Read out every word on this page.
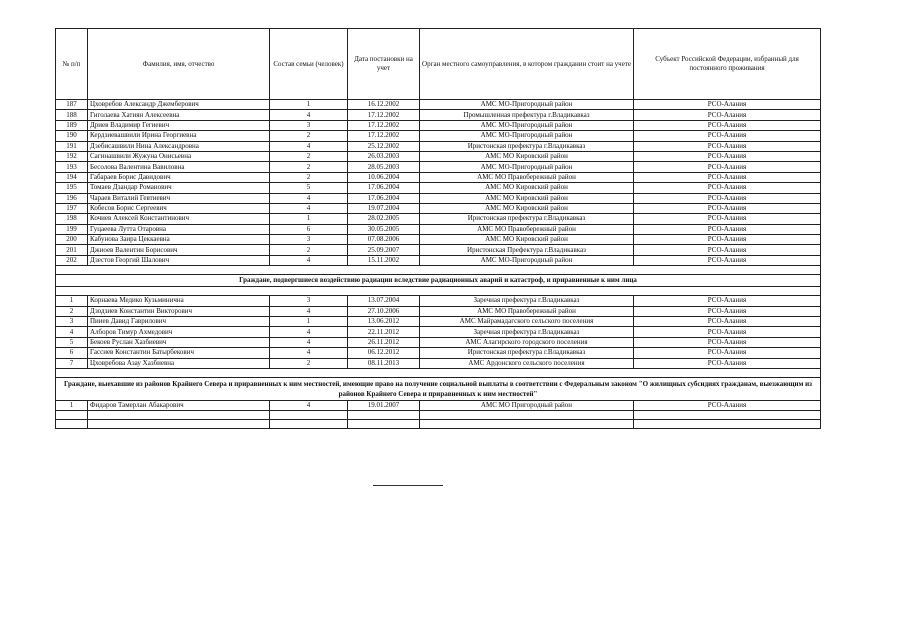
№ п/п	Фамилия, имя, отчество	Состав семьи (человек)	Дата постановки на учет	Орган местного самоуправления, в котором гражданин стоит на учете	Субъект Российской Федерации, избранный для постоянного проживания
187	Цховребов Александр Джемберович	1	16.12.2002	АМС МО-Пригородный район	РСО-Алания
188	Гиголаева Хатиян Алексеевна	4	17.12.2002	Промышленная префектура г.Владикавказ	РСО-Алания
189	Дриев Владимир Гегиевич	3	17.12.2002	АМС МО-Пригородный район	РСО-Алания
190	Кердзиевашвили Ирина Георгиевна	2	17.12.2002	АМС МО-Пригородный район	РСО-Алания
191	Дзебисашвили Нина Александровна	4	25.12.2002	Иристонская префектура г.Владикавказ	РСО-Алания
192	Сагинашвили Жужуна Онисьевна	2	26.03.2003	АМС МО Кировский район	РСО-Алания
193	Бесолова Валентина Вавиловна	2	28.05.2003	АМС МО-Пригородный район	РСО-Алания
194	Габараев Борис Давидович	2	10.06.2004	АМС МО Правобережный район	РСО-Алания
195	Томаев Дзандар Романович	5	17.06.2004	АМС МО Кировский район	РСО-Алания
196	Чараев Виталий Гевтиевич	4	17.06.2004	АМС МО Кировский район	РСО-Алания
197	Кобесов Борис Сергеевич	4	19.07.2004	АМС МО Кировский район	РСО-Алания
198	Кочиев Алексей Константинович	1	28.02.2005	Иристонская префектура г.Владикавказ	РСО-Алания
199	Гуцаеева Лутта Отаровна	6	30.05.2005	АМС МО Правобережный район	РСО-Алания
200	Кабунова Заира Цеккаевна	3	07.08.2006	АМС МО Кировский район	РСО-Алания
201	Джиоев Валентин Борисович	2	25.09.2007	Иристонская Префектура г.Владикавказ	РСО-Алания
202	Дзестов Георгий Шалович	4	15.11.2002	АМС МО-Пригородный район	РСО-Алания

Граждане, подвергшиеся воздействию радиации вследствие радиационных аварий и катастроф, и приравненные к ним лица					

1	Корнаева Медико Кузьминична	3	13.07.2004	Заречная префектура г.Владикавказ	РСО-Алания
2	Дзодзиев Константин Викторович	4	27.10.2006	АМС МО Правобережный район	РСО-Алания
3	Пииев Давид Гаврилович	1	13.06.2012	АМС Майрамадагского сельского поселения	РСО-Алания
4	Алборов Тимур Ахмедович	4	22.11.2012	Заречная префектура г.Владикавказ	РСО-Алания
5	Бекоев Руслан Хазбиевич	4	26.11.2012	АМС Алагирского городского поселения	РСО-Алания
6	Гассиев Константин Батырбекович	4	06.12.2012	Иристонская префектура г.Владикавказ	РСО-Алания
7	Цховребова Азау Хазбиевна	2	08.11.2013	АМС Ардонского сельского поселения	РСО-Алания

Граждане, выехавшие из районов Крайнего Севера и приравненных к ним местностей, имеющие право на получение социальной выплаты в соответствии с Федеральным законом "О жилищных субсидиях гражданам, выезжающим из районов Крайнего Севера и приравненных к ним местностей"					
1	Фидаров Тамерлан Абакарович	4	19.01.2007	АМС МО Пригородный район	РСО-Алания
